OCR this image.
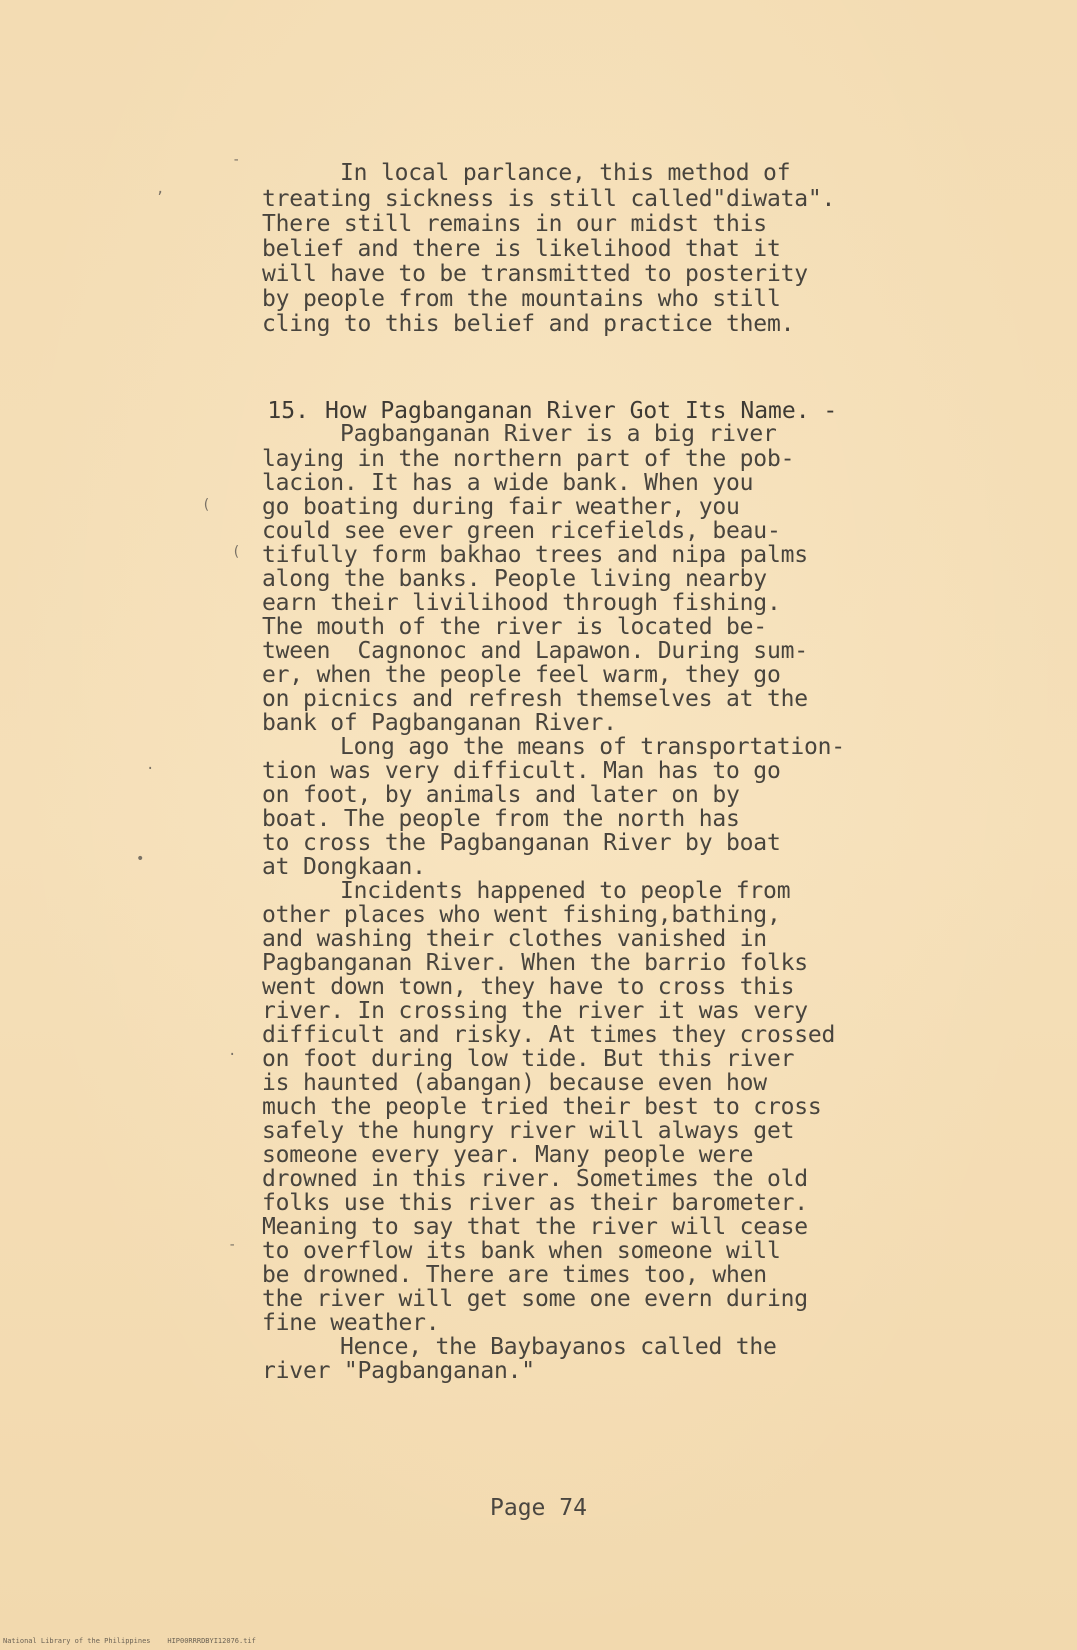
In local parlance, this method of
treating sickness is still called"diwata".
There still remains in our midst this
belief and there is likelihood that it
will have to be transmitted to posterity
by people from the mountains who still
cling to this belief and practice them.

15. How Pagbanganan River Got Its Name. -

Pagbanganan River is a big river
laying in the northern part of the pob-
lacion. It has a wide bank. When you
go boating during fair weather, you
could see ever green ricefields, beau-
tifully form bakhao trees and nipa palms
along the banks. People living nearby
earn their livilihood through fishing.
The mouth of the river is located be-
tween  Cagnonoc and Lapawon. During sum-
er, when the people feel warm, they go
on picnics and refresh themselves at the
bank of Pagbanganan River.
Long ago the means of transportation-
tion was very difficult. Man has to go
on foot, by animals and later on by
boat. The people from the north has
to cross the Pagbanganan River by boat
at Dongkaan.
Incidents happened to people from
other places who went fishing,bathing,
and washing their clothes vanished in
Pagbanganan River. When the barrio folks
went down town, they have to cross this
river. In crossing the river it was very
difficult and risky. At times they crossed
on foot during low tide. But this river
is haunted (abangan) because even how
much the people tried their best to cross
safely the hungry river will always get
someone every year. Many people were
drowned in this river. Sometimes the old
folks use this river as their barometer.
Meaning to say that the river will cease
to overflow its bank when someone will
be drowned. There are times too, when
the river will get some one evern during
fine weather.
Hence, the Baybayanos called the
river "Pagbanganan."
Page 74
National Library of the Philippines    HIP00RRRDBYI12076.tif
-
,
(
(
.
•
.
-
